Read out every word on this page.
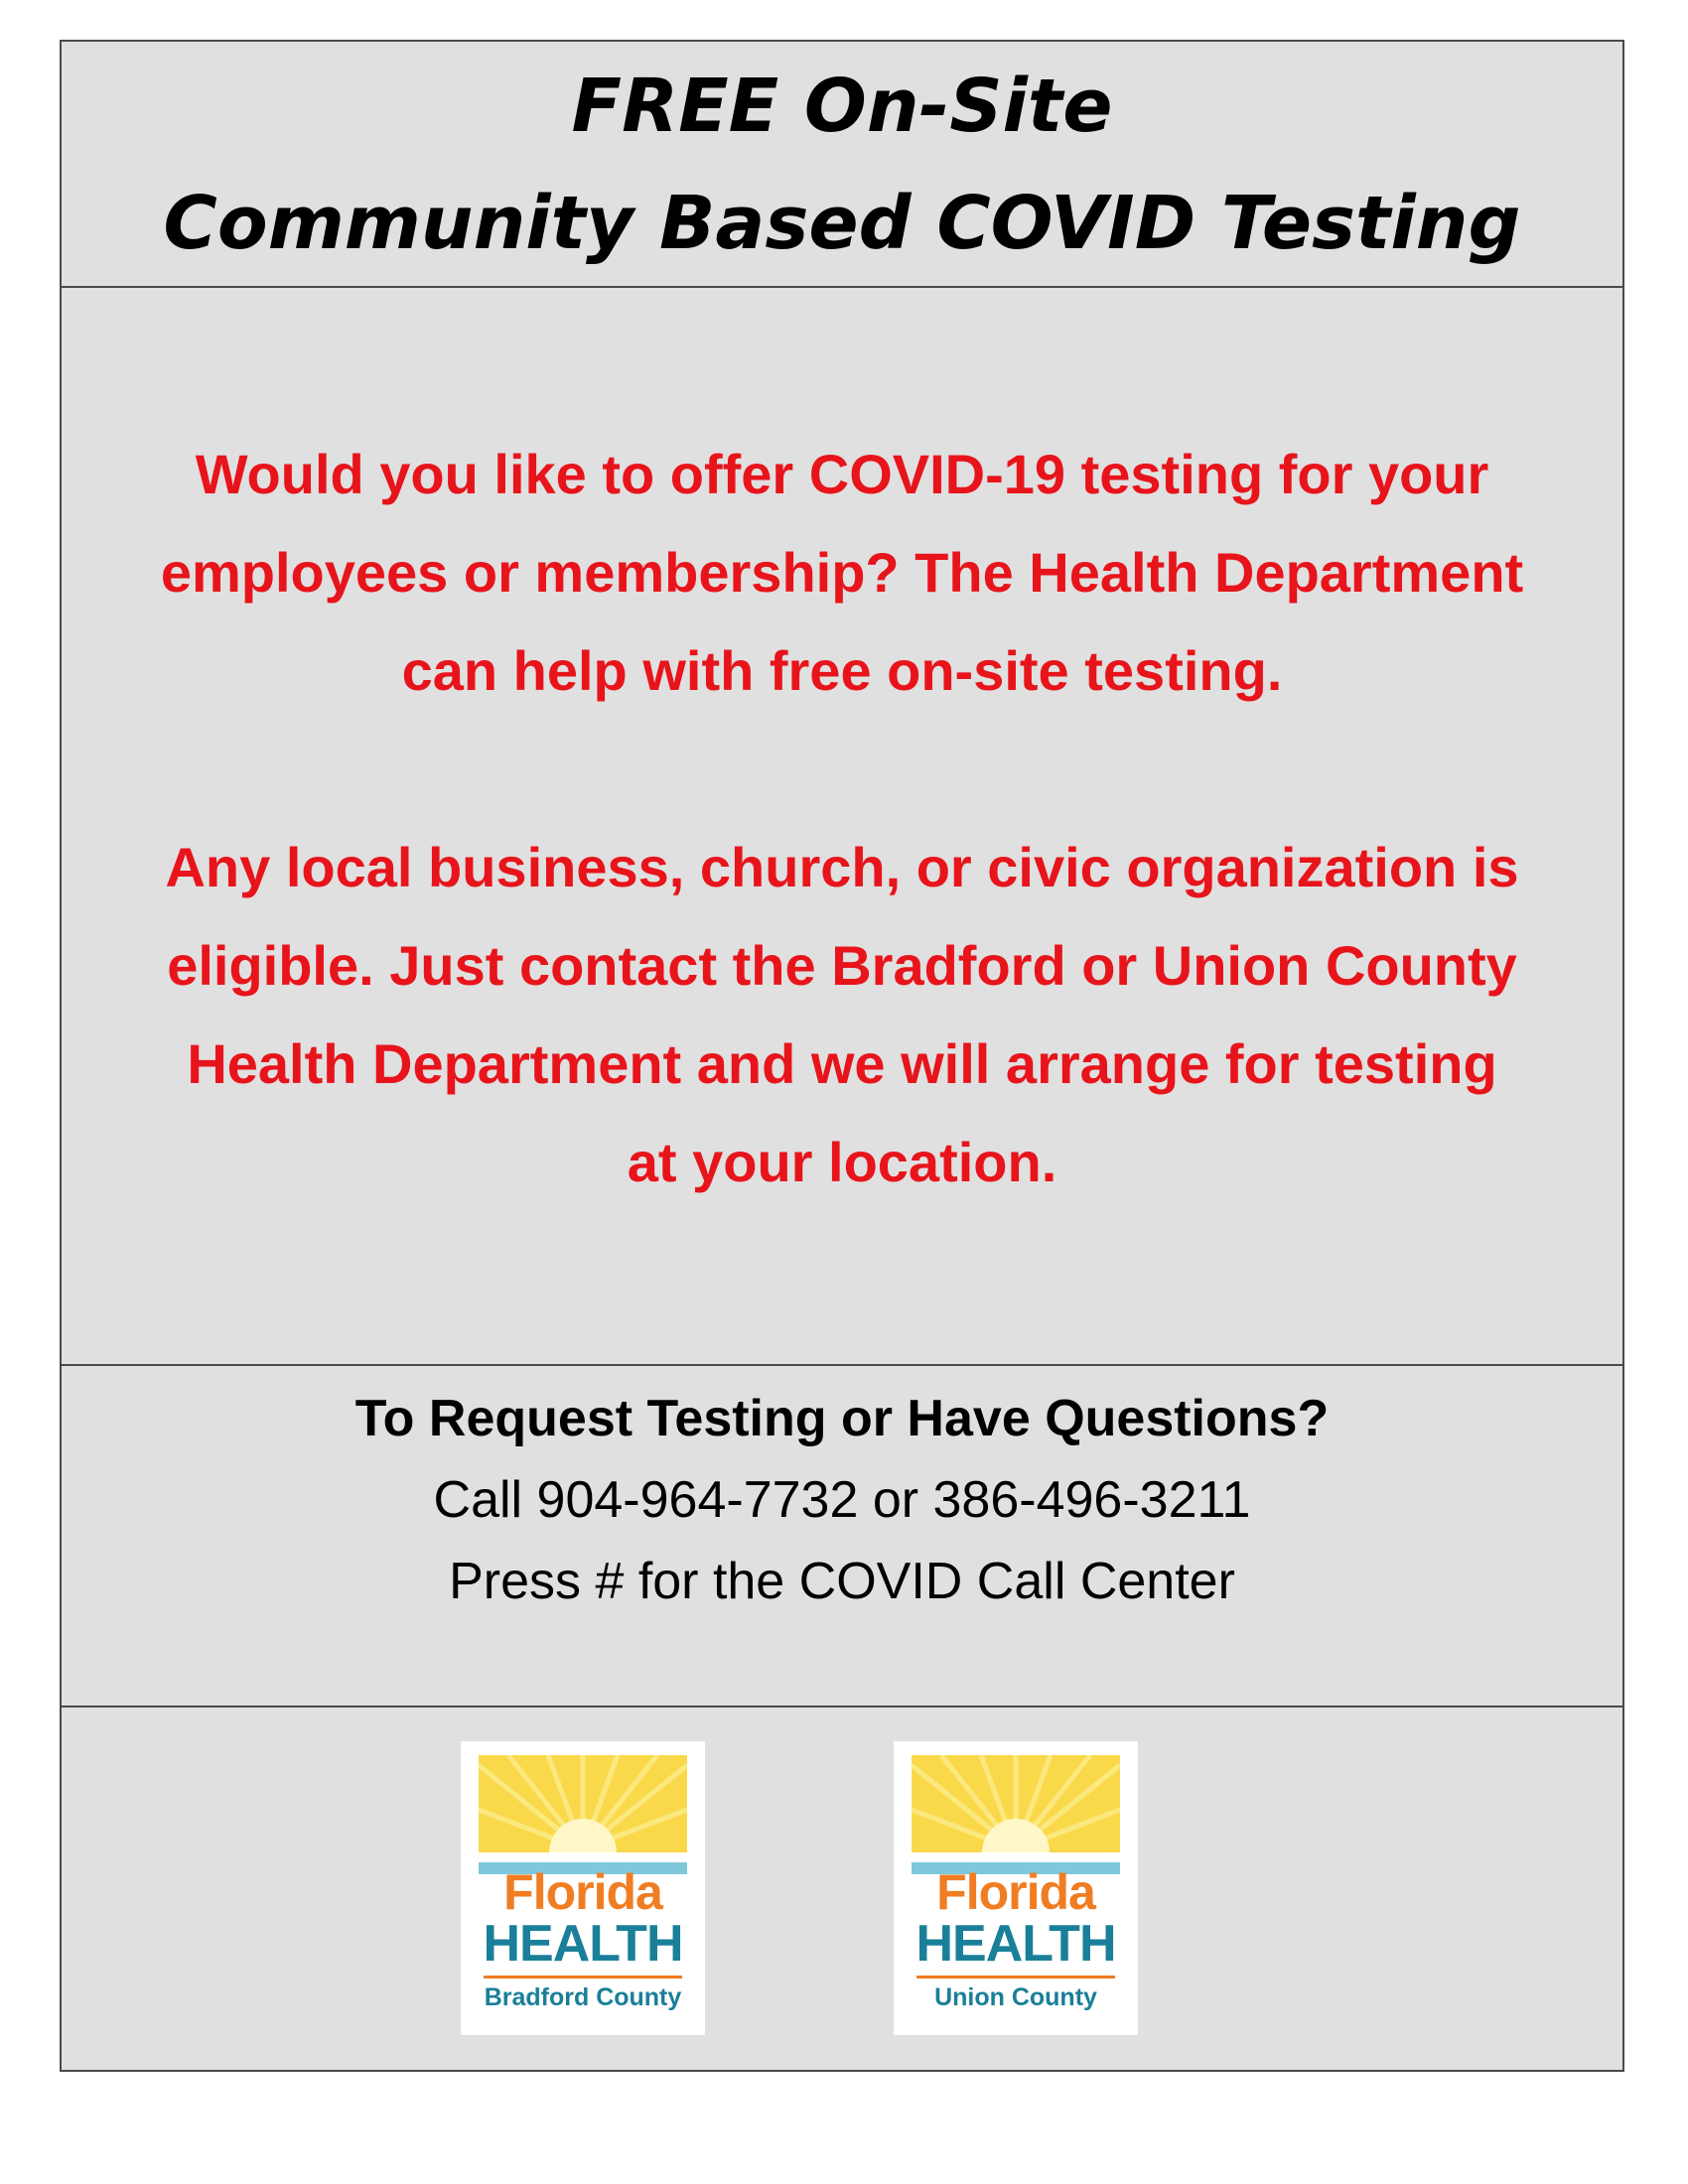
FREE On-Site
Community Based COVID Testing

Would you like to offer COVID-19 testing for your
employees or membership? The Health Department
can help with free on-site testing.

Any local business, church, or civic organization is
eligible. Just contact the Bradford or Union County
Health Department and we will arrange for testing
at your location.

To Request Testing or Have Questions?
Call 904-964-7732 or 386-496-3211
Press # for the COVID Call Center
Florida
HEALTH
Bradford County
Florida
HEALTH
Union County
